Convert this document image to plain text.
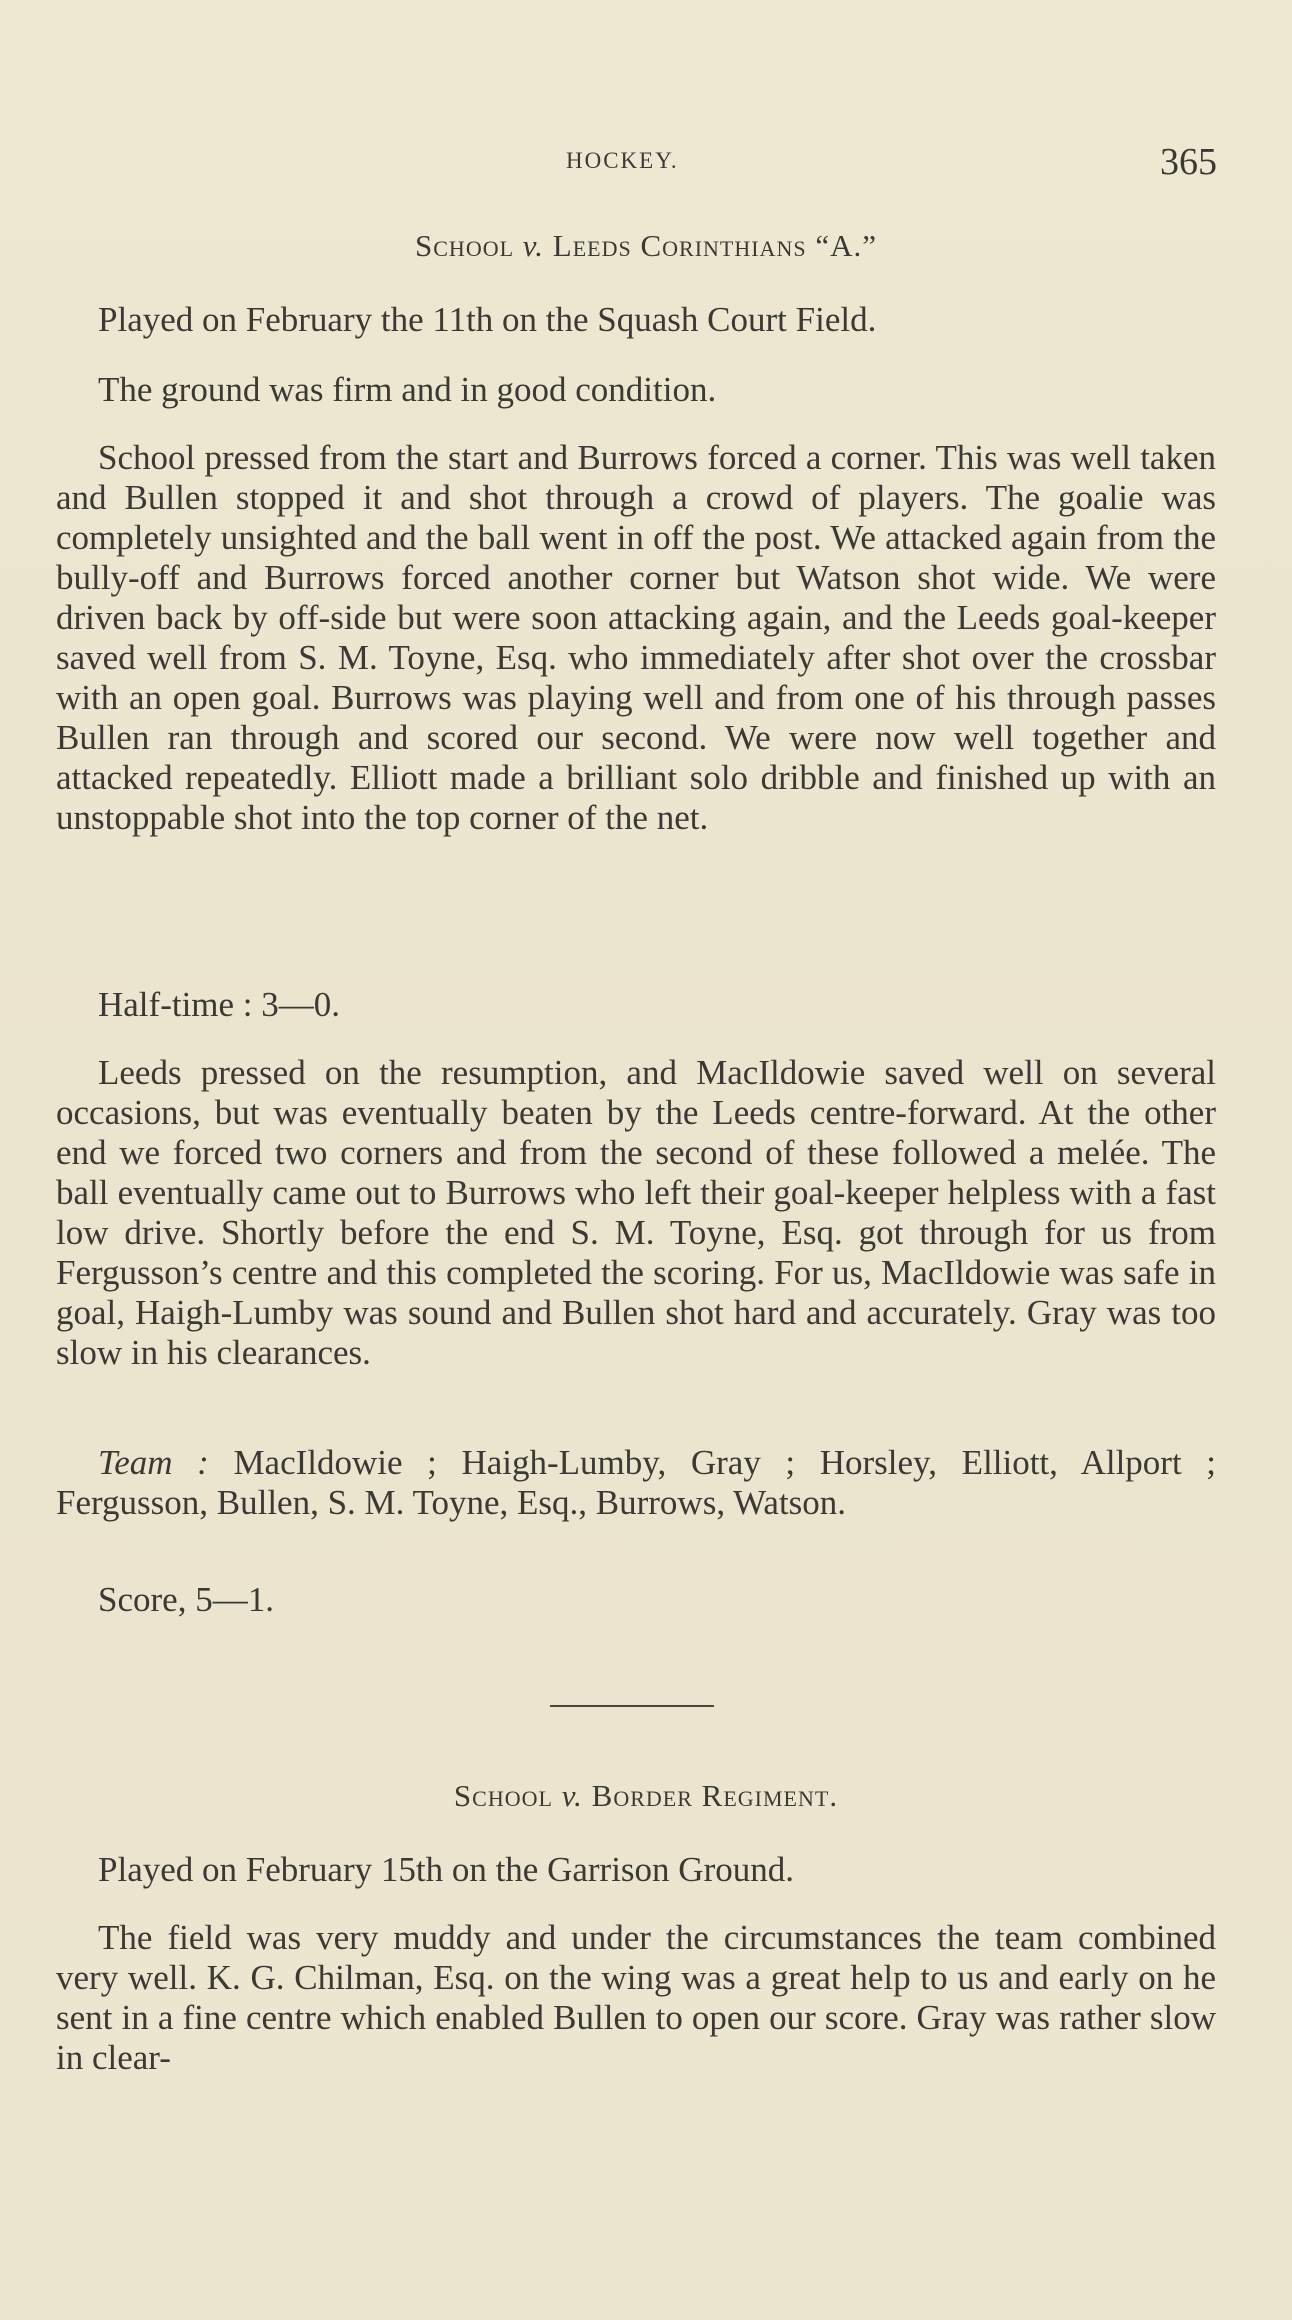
HOCKEY.	365
School v. Leeds Corinthians “A.”

Played on February the 11th on the Squash Court Field.

The ground was firm and in good condition.

School pressed from the start and Burrows forced a corner. This was well taken and Bullen stopped it and shot through a crowd of players. The goalie was completely unsighted and the ball went in off the post. We attacked again from the bully-off and Burrows forced another corner but Watson shot wide. We were driven back by off-side but were soon attacking again, and the Leeds goal-keeper saved well from S. M. Toyne, Esq. who immediately after shot over the crossbar with an open goal. Burrows was playing well and from one of his through passes Bullen ran through and scored our second. We were now well together and attacked repeatedly. Elliott made a brilliant solo dribble and finished up with an unstoppable shot into the top corner of the net.

Half-time : 3—0.

Leeds pressed on the resumption, and MacIldowie saved well on several occasions, but was eventually beaten by the Leeds centre-forward. At the other end we forced two corners and from the second of these followed a melée. The ball eventually came out to Burrows who left their goal-keeper helpless with a fast low drive. Shortly before the end S. M. Toyne, Esq. got through for us from Fergusson’s centre and this completed the scoring. For us, MacIldowie was safe in goal, Haigh-Lumby was sound and Bullen shot hard and accurately. Gray was too slow in his clearances.

Team : MacIldowie ; Haigh-Lumby, Gray ; Horsley, Elliott, Allport ; Fergusson, Bullen, S. M. Toyne, Esq., Burrows, Watson.

Score, 5—1.

School v. Border Regiment.

Played on February 15th on the Garrison Ground.

The field was very muddy and under the circumstances the team combined very well. K. G. Chilman, Esq. on the wing was a great help to us and early on he sent in a fine centre which enabled Bullen to open our score. Gray was rather slow in clear-
